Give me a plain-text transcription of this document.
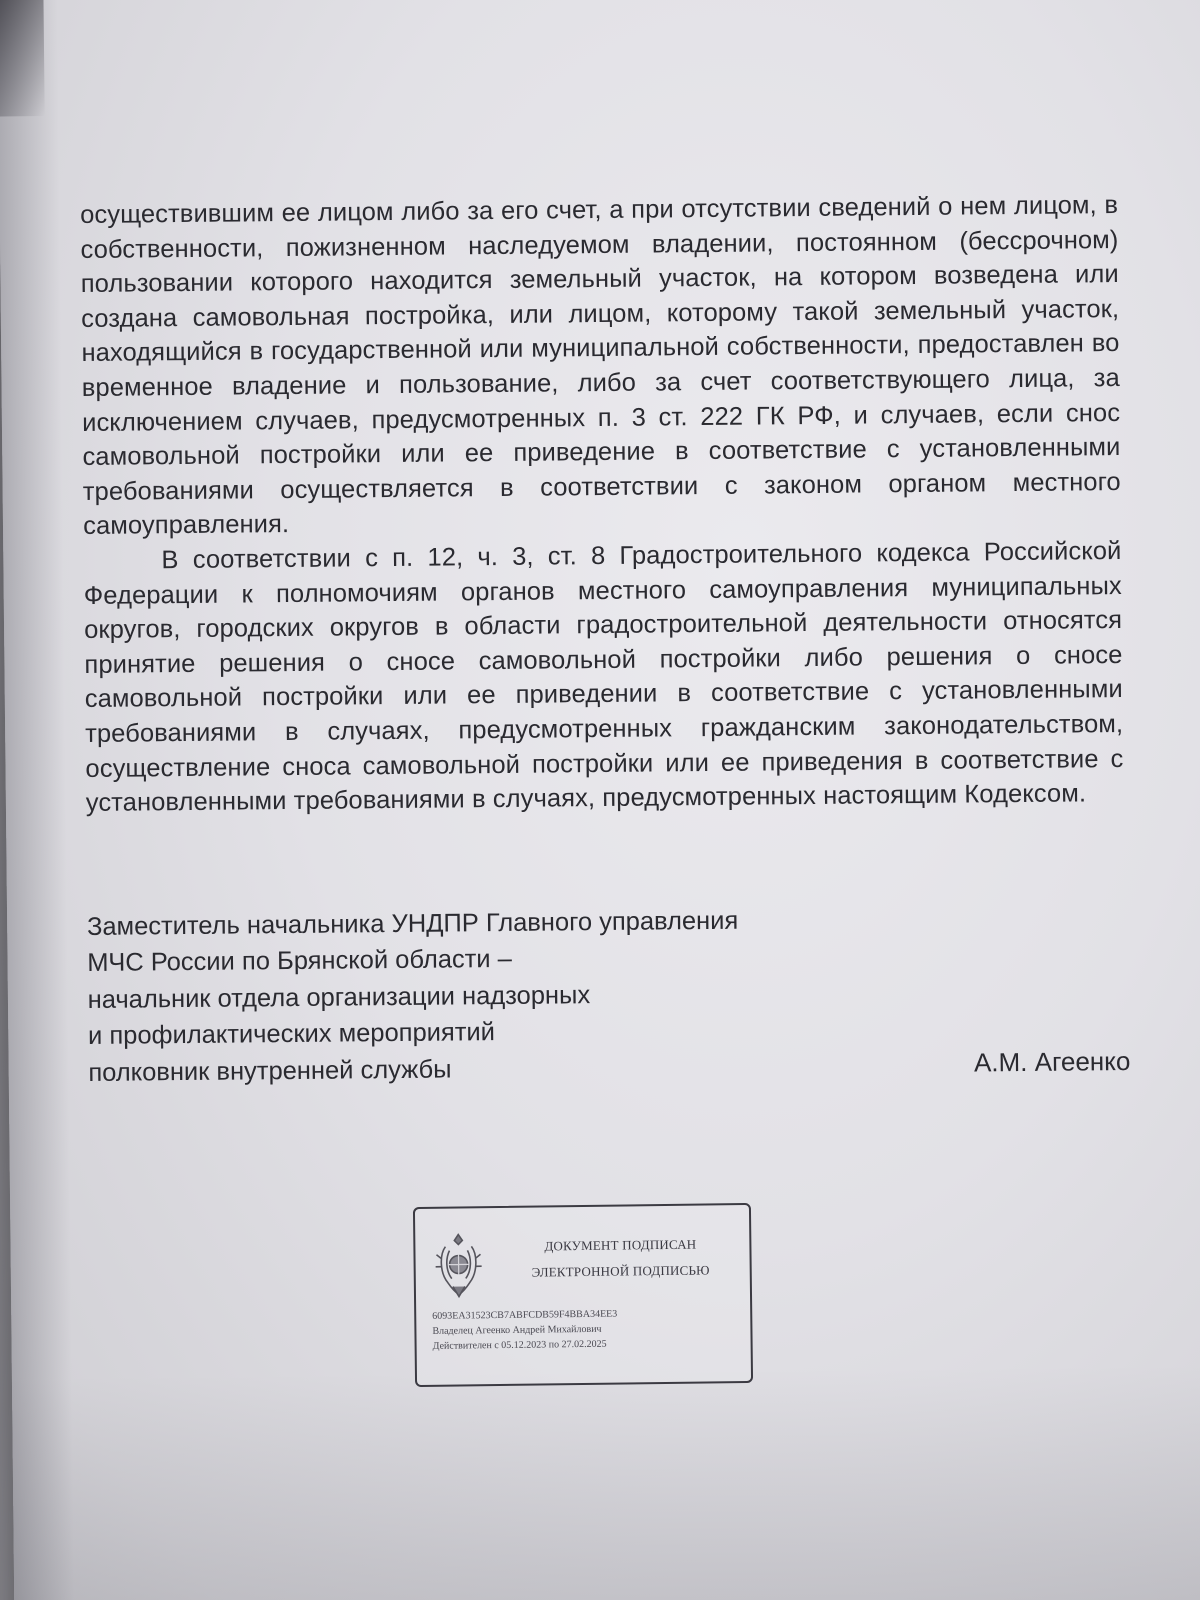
осуществившим ее лицом либо за его счет, а при отсутствии сведений о нем лицом, в собственности, пожизненном наследуемом владении, постоянном (бессрочном) пользовании которого находится земельный участок, на котором возведена или создана самовольная постройка, или лицом, которому такой земельный участок, находящийся в государственной или муниципальной собственности, предоставлен во временное владение и пользование, либо за счет соответствующего лица, за исключением случаев, предусмотренных п. 3 ст. 222 ГК РФ, и случаев, если снос самовольной постройки или ее приведение в соответствие с установленными требованиями осуществляется в соответствии с законом органом местного самоуправления.

В соответствии с п. 12, ч. 3, ст. 8 Градостроительного кодекса Российской Федерации к полномочиям органов местного самоуправления муниципальных округов, городских округов в области градостроительной деятельности относятся принятие решения о сносе самовольной постройки либо решения о сносе самовольной постройки или ее приведении в соответствие с установленными требованиями в случаях, предусмотренных гражданским законодательством, осуществление сноса самовольной постройки или ее приведения в соответствие с установленными требованиями в случаях, предусмотренных настоящим Кодексом.

Заместитель начальника УНДПР Главного управления
МЧС России по Брянской области –
начальник отдела организации надзорных
и профилактических мероприятий
полковник внутренней службы	А.М. Агеенко

ДОКУМЕНТ ПОДПИСАН
ЭЛЕКТРОННОЙ ПОДПИСЬЮ

6093EA31523CB7ABFCDB59F4BBA34EE3
Владелец Агеенко Андрей Михайлович
Действителен с 05.12.2023 по 27.02.2025
